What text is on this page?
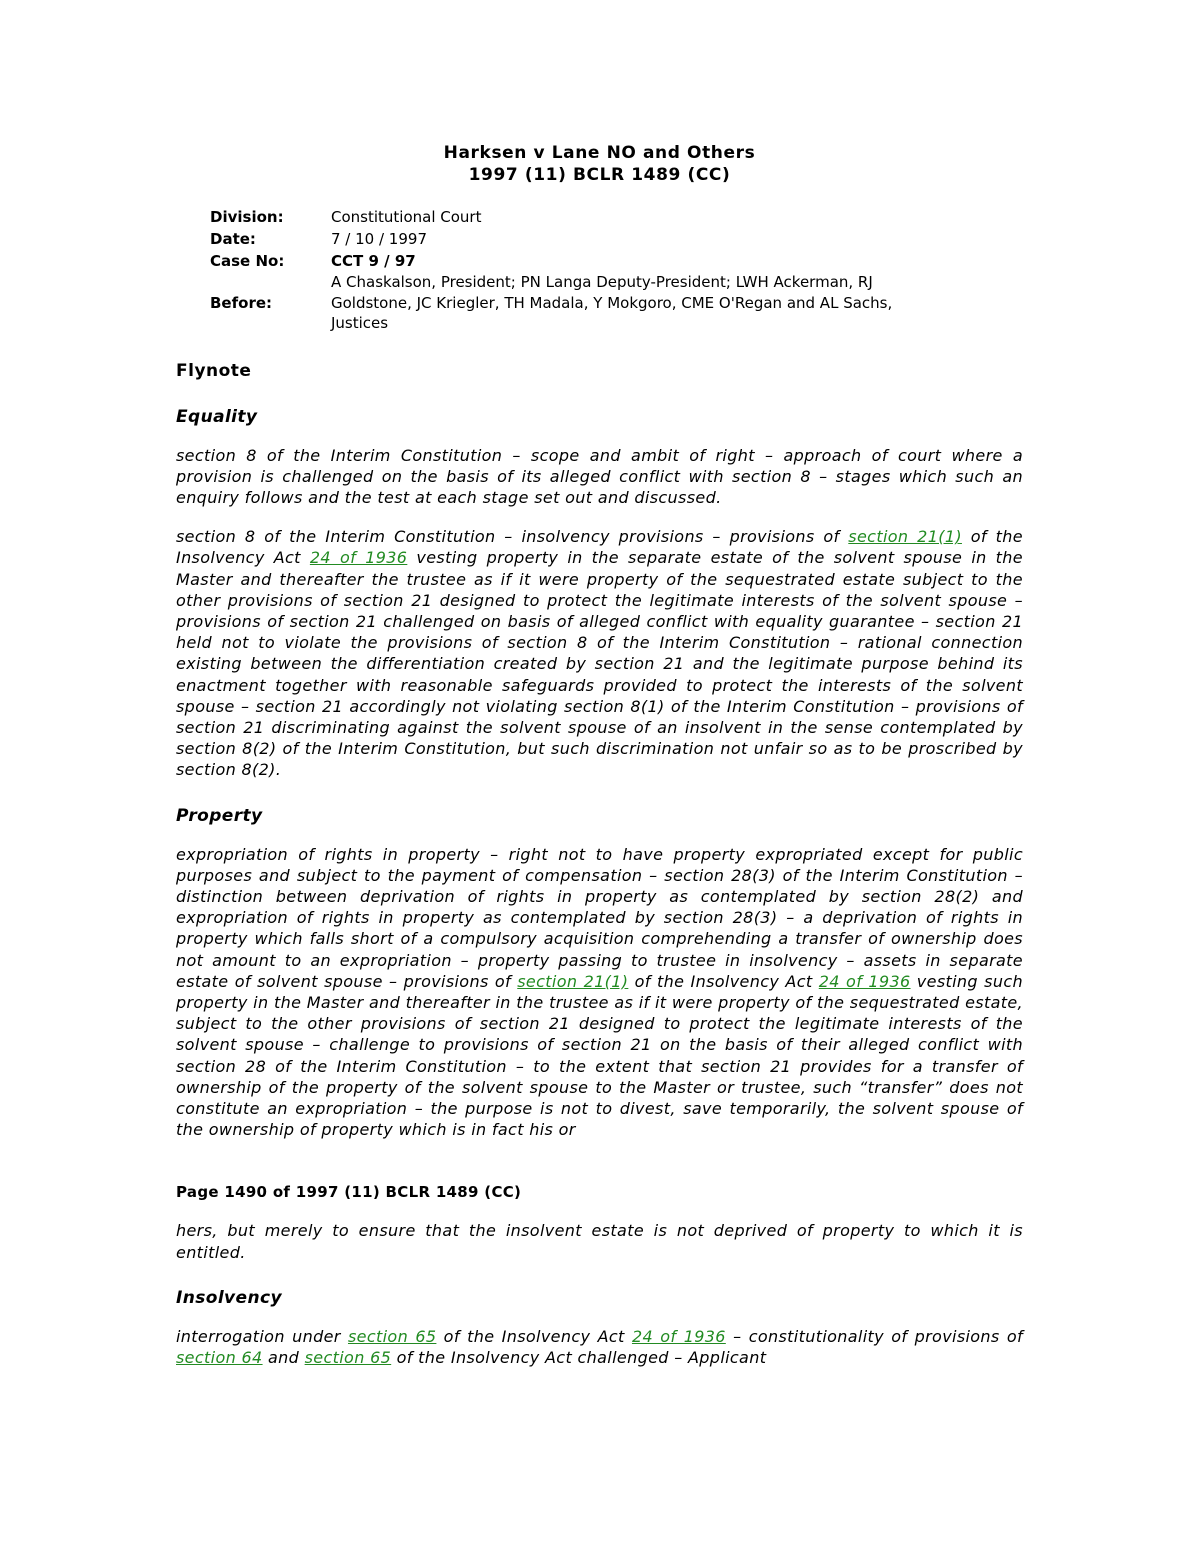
Harksen v Lane NO and Others
1997 (11) BCLR 1489 (CC)
Division:	Constitutional Court
Date:	7 / 10 / 1997
Case No:	CCT 9 / 97
Before:
A Chaskalson, President; PN Langa Deputy-President; LWH Ackerman, RJ Goldstone, JC Kriegler, TH Madala, Y Mokgoro, CME O'Regan and AL Sachs, Justices
Flynote
Equality

section 8 of the Interim Constitution – scope and ambit of right – approach of court where a provision is challenged on the basis of its alleged conflict with section 8 – stages which such an enquiry follows and the test at each stage set out and discussed.

section 8 of the Interim Constitution – insolvency provisions – provisions of section 21(1) of the Insolvency Act 24 of 1936 vesting property in the separate estate of the solvent spouse in the Master and thereafter the trustee as if it were property of the sequestrated estate subject to the other provisions of section 21 designed to protect the legitimate interests of the solvent spouse – provisions of section 21 challenged on basis of alleged conflict with equality guarantee – section 21 held not to violate the provisions of section 8 of the Interim Constitution – rational connection existing between the differentiation created by section 21 and the legitimate purpose behind its enactment together with reasonable safeguards provided to protect the interests of the solvent spouse – section 21 accordingly not violating section 8(1) of the Interim Constitution – provisions of section 21 discriminating against the solvent spouse of an insolvent in the sense contemplated by section 8(2) of the Interim Constitution, but such discrimination not unfair so as to be proscribed by section 8(2).

Property

expropriation of rights in property – right not to have property expropriated except for public purposes and subject to the payment of compensation – section 28(3) of the Interim Constitution – distinction between deprivation of rights in property as contemplated by section 28(2) and expropriation of rights in property as contemplated by section 28(3) – a deprivation of rights in property which falls short of a compulsory acquisition comprehending a transfer of ownership does not amount to an expropriation – property passing to trustee in insolvency – assets in separate estate of solvent spouse – provisions of section 21(1) of the Insolvency Act 24 of 1936 vesting such property in the Master and thereafter in the trustee as if it were property of the sequestrated estate, subject to the other provisions of section 21 designed to protect the legitimate interests of the solvent spouse – challenge to provisions of section 21 on the basis of their alleged conflict with section 28 of the Interim Constitution – to the extent that section 21 provides for a transfer of ownership of the property of the solvent spouse to the Master or trustee, such “transfer” does not constitute an expropriation – the purpose is not to divest, save temporarily, the solvent spouse of the ownership of property which is in fact his or

Page 1490 of 1997 (11) BCLR 1489 (CC)

hers, but merely to ensure that the insolvent estate is not deprived of property to which it is entitled.

Insolvency

interrogation under section 65 of the Insolvency Act 24 of 1936 – constitutionality of provisions of section 64 and section 65 of the Insolvency Act challenged – Applicant
